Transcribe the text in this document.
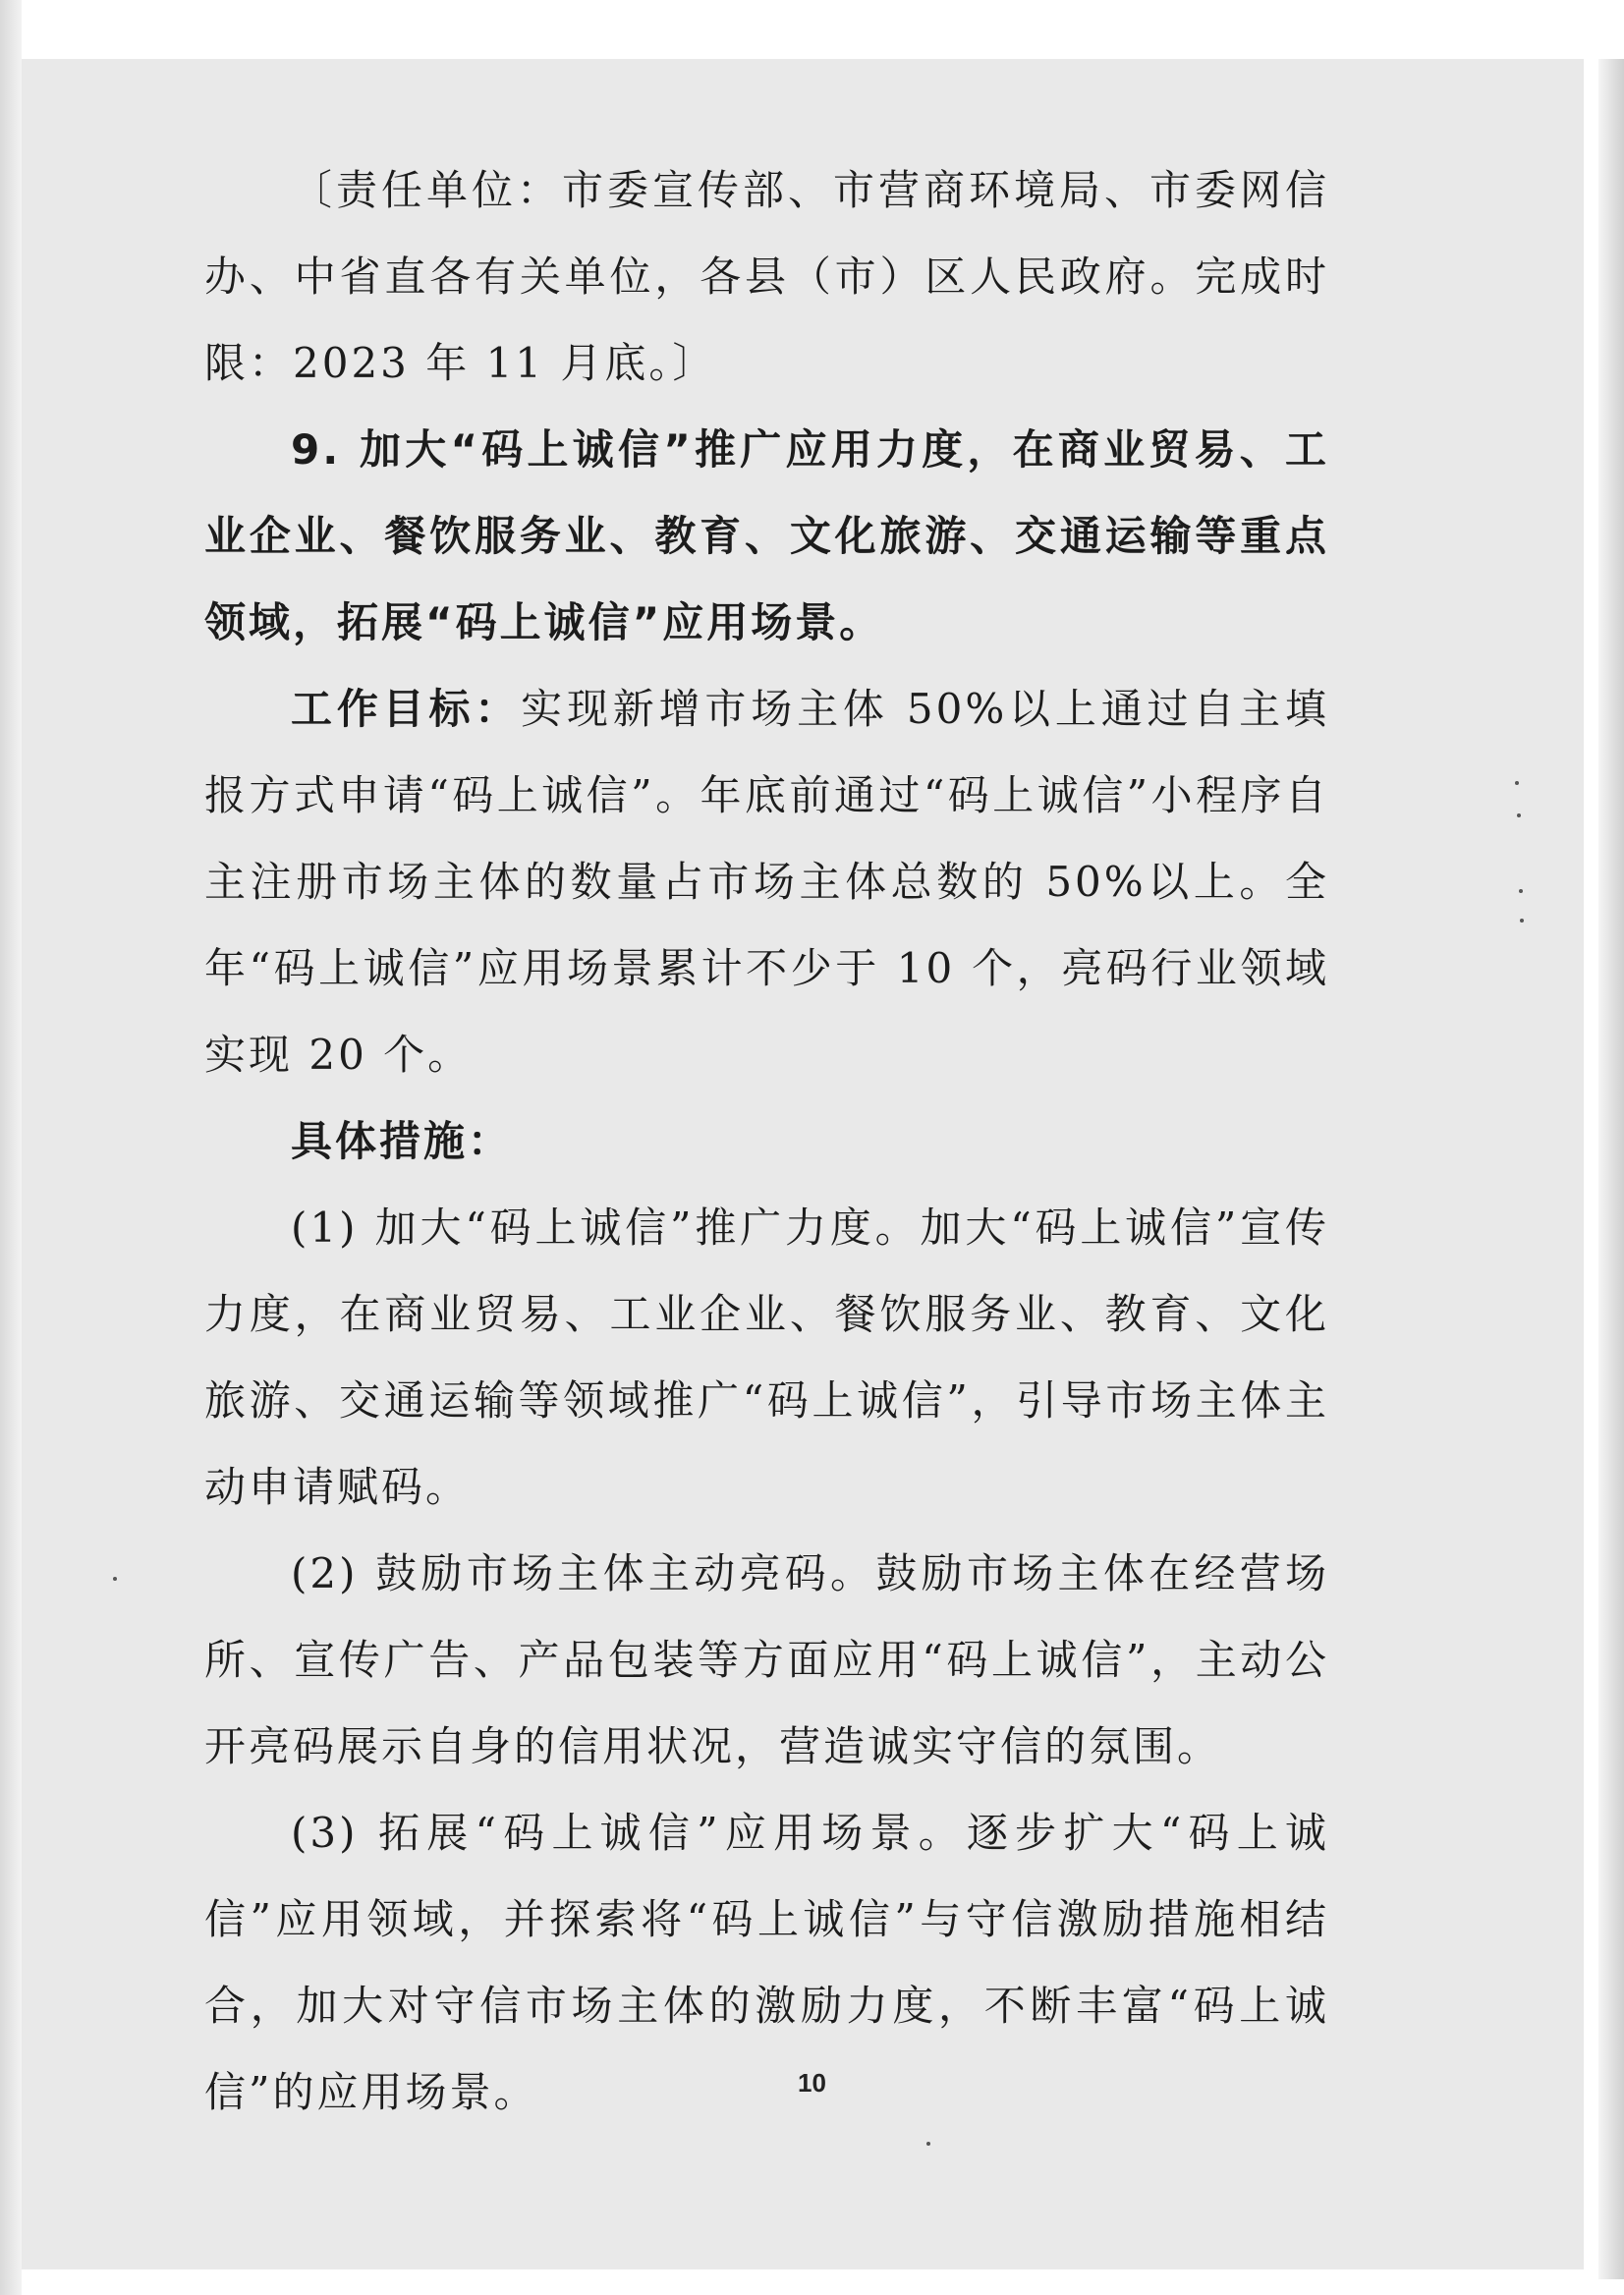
〔责任单位：市委宣传部、市营商环境局、市委网信办、中省直各有关单位，各县（市）区人民政府。完成时限：2023 年 11 月底。〕

9. 加大“码上诚信”推广应用力度，在商业贸易、工业企业、餐饮服务业、教育、文化旅游、交通运输等重点领域，拓展“码上诚信”应用场景。

工作目标：实现新增市场主体 50%以上通过自主填报方式申请“码上诚信”。年底前通过“码上诚信”小程序自主注册市场主体的数量占市场主体总数的 50%以上。全年“码上诚信”应用场景累计不少于 10 个，亮码行业领域实现 20 个。

具体措施：

(1) 加大“码上诚信”推广力度。加大“码上诚信”宣传力度，在商业贸易、工业企业、餐饮服务业、教育、文化旅游、交通运输等领域推广“码上诚信”，引导市场主体主动申请赋码。

(2) 鼓励市场主体主动亮码。鼓励市场主体在经营场所、宣传广告、产品包装等方面应用“码上诚信”，主动公开亮码展示自身的信用状况，营造诚实守信的氛围。

(3) 拓展“码上诚信”应用场景。逐步扩大“码上诚信”应用领域，并探索将“码上诚信”与守信激励措施相结合，加大对守信市场主体的激励力度，不断丰富“码上诚信”的应用场景。	10
